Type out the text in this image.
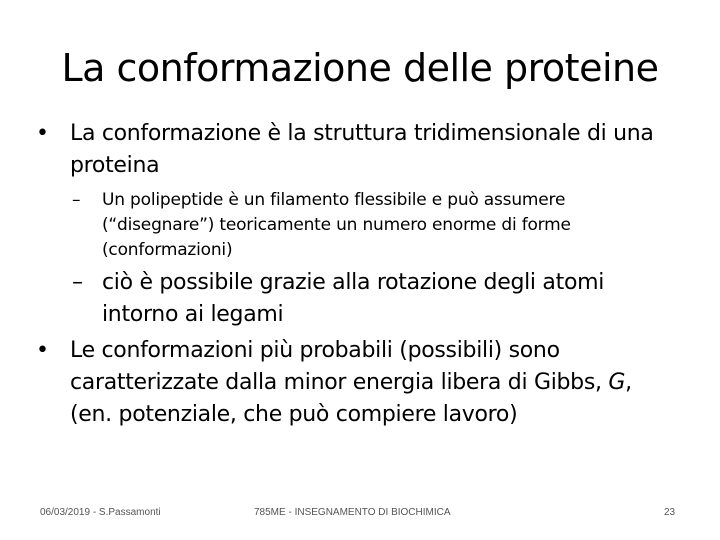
La conformazione delle proteine
• La conformazione è la struttura tridimensionale di una proteina
– Un polipeptide è un filamento flessibile e può assumere (“disegnare”) teoricamente un numero enorme di forme (conformazioni)
– ciò è possibile grazie alla rotazione degli atomi intorno ai legami
• Le conformazioni più probabili (possibili) sono caratterizzate dalla minor energia libera di Gibbs, G, (en. potenziale, che può compiere lavoro)
06/03/2019 - S.Passamonti	785ME - INSEGNAMENTO DI BIOCHIMICA	23
